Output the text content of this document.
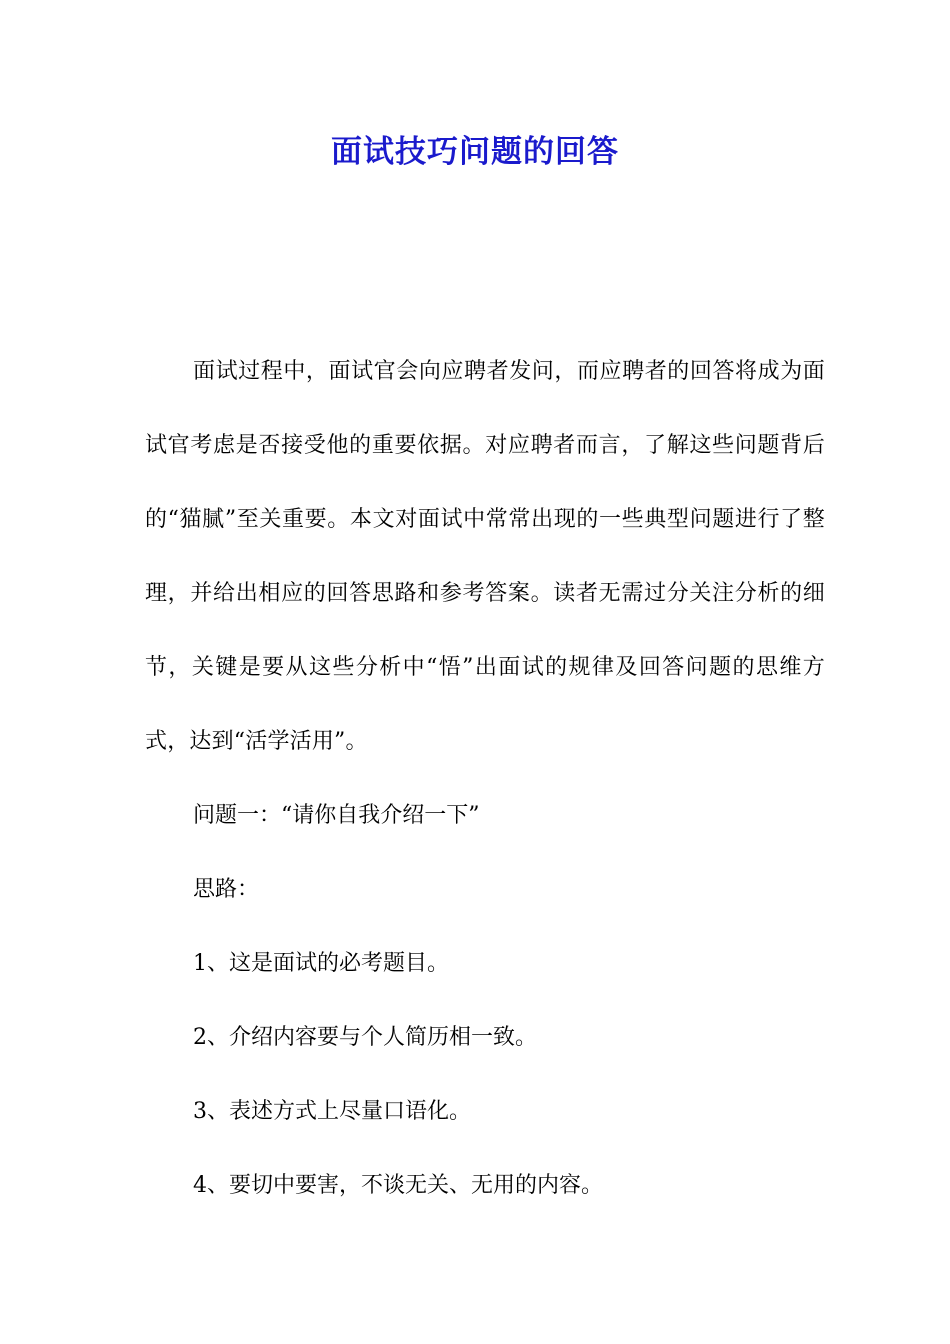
面试技巧问题的回答

面试过程中，面试官会向应聘者发问，而应聘者的回答将成为面试官考虑是否接受他的重要依据。对应聘者而言，了解这些问题背后的“猫腻”至关重要。本文对面试中常常出现的一些典型问题进行了整理，并给出相应的回答思路和参考答案。读者无需过分关注分析的细节，关键是要从这些分析中“悟”出面试的规律及回答问题的思维方式，达到“活学活用”。

问题一：“请你自我介绍一下”

思路：

1、这是面试的必考题目。

2、介绍内容要与个人简历相一致。

3、表述方式上尽量口语化。

4、要切中要害，不谈无关、无用的内容。
